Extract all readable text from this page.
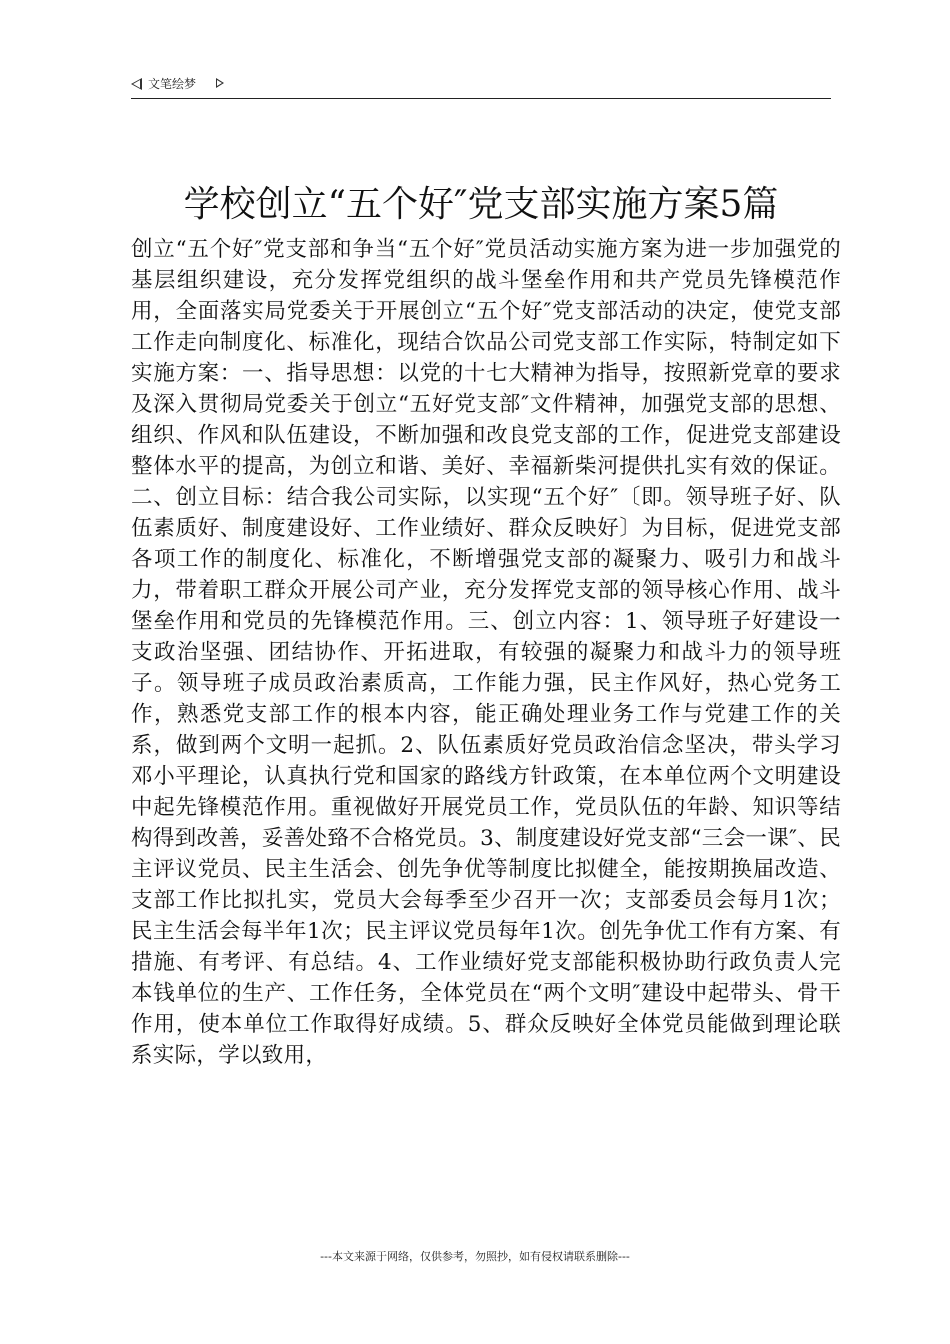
文笔绘梦
学校创立“五个好″党支部实施方案5篇

创立“五个好″党支部和争当“五个好″党员活动实施方案为进一步加强党的基层组织建设，充分发挥党组织的战斗堡垒作用和共产党员先锋模范作用，全面落实局党委关于开展创立“五个好″党支部活动的决定，使党支部工作走向制度化、标准化，现结合饮品公司党支部工作实际，特制定如下实施方案：一、指导思想：以党的十七大精神为指导，按照新党章的要求及深入贯彻局党委关于创立“五好党支部″文件精神，加强党支部的思想、组织、作风和队伍建设，不断加强和改良党支部的工作，促进党支部建设整体水平的提高，为创立和谐、美好、幸福新柴河提供扎实有效的保证。二、创立目标：结合我公司实际，以实现“五个好″〔即。领导班子好、队伍素质好、制度建设好、工作业绩好、群众反映好〕为目标，促进党支部各项工作的制度化、标准化，不断增强党支部的凝聚力、吸引力和战斗力，带着职工群众开展公司产业，充分发挥党支部的领导核心作用、战斗堡垒作用和党员的先锋模范作用。三、创立内容：1、领导班子好建设一支政治坚强、团结协作、开拓进取，有较强的凝聚力和战斗力的领导班子。领导班子成员政治素质高，工作能力强，民主作风好，热心党务工作，熟悉党支部工作的根本内容，能正确处理业务工作与党建工作的关系，做到两个文明一起抓。2、队伍素质好党员政治信念坚决，带头学习邓小平理论，认真执行党和国家的路线方针政策，在本单位两个文明建设中起先锋模范作用。重视做好开展党员工作，党员队伍的年龄、知识等结构得到改善，妥善处臵不合格党员。3、制度建设好党支部“三会一课″、民主评议党员、民主生活会、创先争优等制度比拟健全，能按期换届改造、支部工作比拟扎实，党员大会每季至少召开一次；支部委员会每月1次；民主生活会每半年1次；民主评议党员每年1次。创先争优工作有方案、有措施、有考评、有总结。4、工作业绩好党支部能积极协助行政负责人完本钱单位的生产、工作任务，全体党员在“两个文明″建设中起带头、骨干作用，使本单位工作取得好成绩。5、群众反映好全体党员能做到理论联系实际，学以致用，

---本文来源于网络，仅供参考，勿照抄，如有侵权请联系删除---
